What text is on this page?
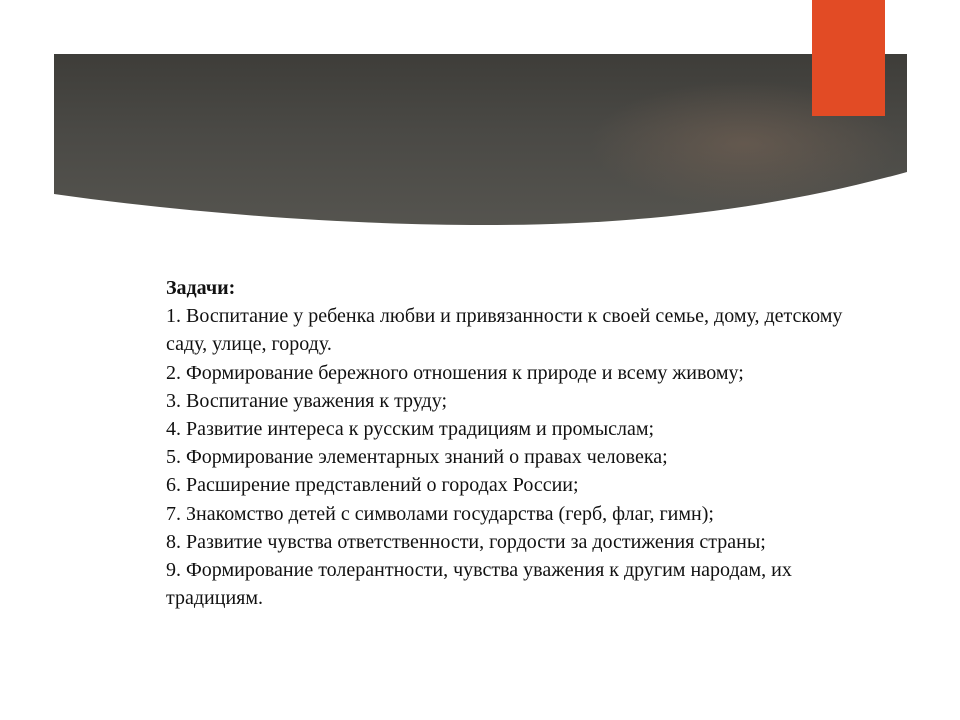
Задачи:

1. Воспитание у ребенка любви и привязанности к своей семье, дому, детскому саду, улице, городу.

2. Формирование бережного отношения к природе и всему живому;

3. Воспитание уважения к труду;

4. Развитие интереса к русским традициям и промыслам;

5. Формирование элементарных знаний о правах человека;

6. Расширение представлений о городах России;

7. Знакомство детей с символами государства (герб, флаг, гимн);

8. Развитие чувства ответственности, гордости за достижения страны;

9. Формирование толерантности, чувства уважения к другим народам, их традициям.
